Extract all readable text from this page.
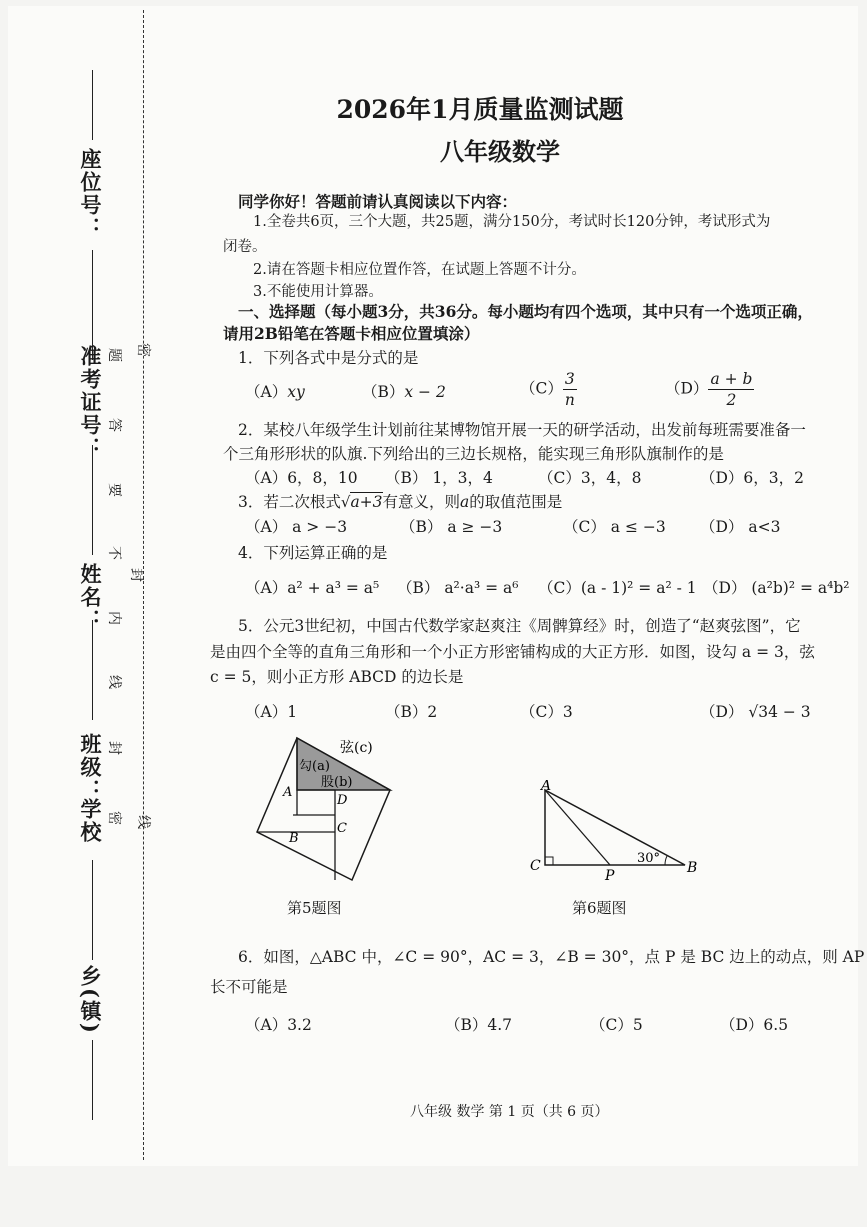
座位号：
准考证号：
姓名：
班级：
学校
乡(镇)
题
答
要
不
内
线
封
密
密
封
线
2026年1月质量监测试题
八年级数学
同学你好！答题前请认真阅读以下内容：
1.全卷共6页，三个大题，共25题，满分150分，考试时长120分钟，考试形式为
闭卷。
2.请在答题卡相应位置作答，在试题上答题不计分。
3.不能使用计算器。
一、选择题（每小题3分，共36分。每小题均有四个选项，其中只有一个选项正确，
请用2B铅笔在答题卡相应位置填涂）
1．下列各式中是分式的是
（A）xy	（B）x − 2	$(C) \frac{3}{n}$	$(D) \frac{a + b}{2}$
2．某校八年级学生计划前往某博物馆开展一天的研学活动，出发前每班需要准备一
个三角形形状的队旗.下列给出的三边长规格，能实现三角形队旗制作的是
（A）6，8，10 （B） 1，3，4	（C）3，4，8	（D）6，3，2
3．若二次根式√a+3有意义，则a的取值范围是
（A） a > −3	（B） a ≥ −3	（C） a ≤ −3 （D） a<3
4．下列运算正确的是
（A）a² + a³ = a⁵ （B） a²·a³ = a⁶ （C）(a - 1)² = a² - 1 （D） (a²b)² = a⁴b²
5．公元3世纪初，中国古代数学家赵爽注《周髀算经》时，创造了“赵爽弦图”，它
是由四个全等的直角三角形和一个小正方形密铺构成的大正方形．如图，设勾 a = 3，弦
c = 5，则小正方形 ABCD 的边长是
（A）1	（B）2	（C）3	（D） √34 − 3
弦(c)
勾(a)
股(b)
A
D
C
B
第5题图
A
C	B
P
30°
第6题图
6．如图，△ABC 中，∠C = 90°，AC = 3，∠B = 30°，点 P 是 BC 边上的动点，则 AP
长不可能是
（A）3.2	（B）4.7	（C）5	（D）6.5
八年级 数学 第 1 页（共 6 页）
